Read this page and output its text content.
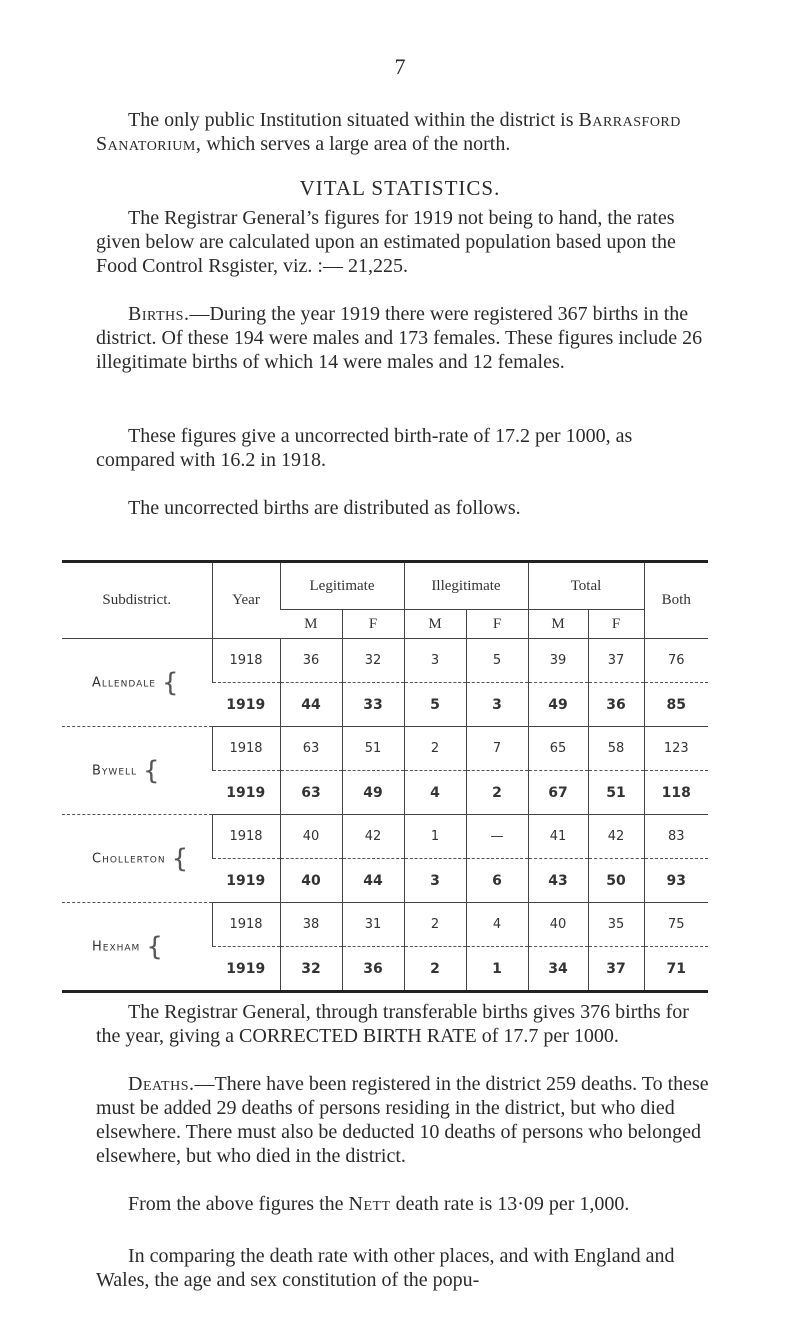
7

The only public Institution situated within the district is Barrasford Sanatorium, which serves a large area of the north.

VITAL STATISTICS.

The Registrar General’s figures for 1919 not being to hand, the rates given below are calculated upon an estimated population based upon the Food Control Rsgister, viz. :— 21,225.

Births.—During the year 1919 there were registered 367 births in the district. Of these 194 were males and 173 females. These figures include 26 illegitimate births of which 14 were males and 12 females.

These figures give a uncorrected birth-rate of 17.2 per 1000, as compared with 16.2 in 1918.

The uncorrected births are distributed as follows.

Subdistrict.	Year	Legitimate		Illegitimate		Total		Both
		M	F	M	F	M	F	
Allendale {	1918	36	32	3	5	39	37	76
	1919	44	33	5	3	49	36	85
Bywell {	1918	63	51	2	7	65	58	123
	1919	63	49	4	2	67	51	118
Chollerton {	1918	40	42	1	—	41	42	83
	1919	40	44	3	6	43	50	93
Hexham {	1918	38	31	2	4	40	35	75
	1919	32	36	2	1	34	37	71

The Registrar General, through transferable births gives 376 births for the year, giving a CORRECTED BIRTH RATE of 17.7 per 1000.

Deaths.—There have been registered in the district 259 deaths. To these must be added 29 deaths of persons residing in the district, but who died elsewhere. There must also be deducted 10 deaths of persons who belonged elsewhere, but who died in the district.

From the above figures the Nett death rate is 13·09 per 1,000.

In comparing the death rate with other places, and with England and Wales, the age and sex constitution of the popu-
